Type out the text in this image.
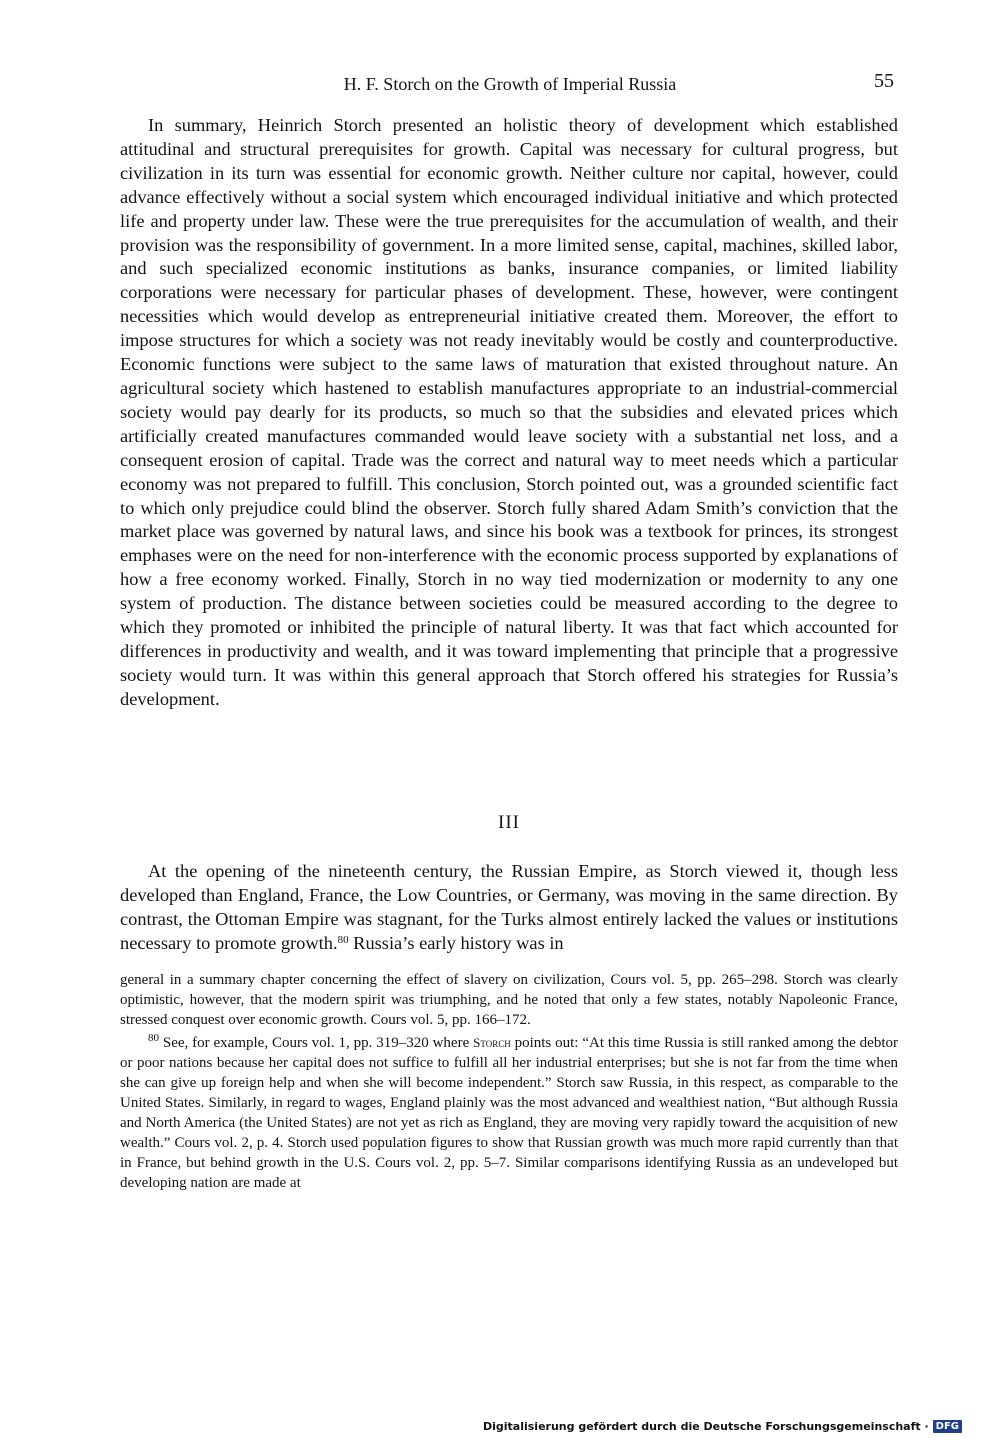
H. F. Storch on the Growth of Imperial Russia	55

In summary, Heinrich Storch presented an holistic theory of development which established attitudinal and structural prerequisites for growth. Capital was necessary for cultural progress, but civilization in its turn was essential for economic growth. Neither culture nor capital, however, could advance effectively without a social system which encouraged individual initiative and which protected life and property under law. These were the true prerequisites for the accumulation of wealth, and their provision was the responsibility of government. In a more limited sense, capital, machines, skilled labor, and such specialized economic institutions as banks, insurance companies, or limited liability corporations were necessary for particular phases of development. These, however, were contingent necessities which would develop as entrepreneurial initiative created them. Moreover, the effort to impose structures for which a society was not ready inevitably would be costly and counterproductive. Economic functions were subject to the same laws of maturation that existed throughout nature. An agricultural society which hastened to establish manufactures appropriate to an industrial-commercial society would pay dearly for its products, so much so that the subsidies and elevated prices which artificially created manufactures commanded would leave society with a substantial net loss, and a consequent erosion of capital. Trade was the correct and natural way to meet needs which a particular economy was not prepared to fulfill. This conclusion, Storch pointed out, was a grounded scientific fact to which only prejudice could blind the observer. Storch fully shared Adam Smith’s conviction that the market place was governed by natural laws, and since his book was a textbook for princes, its strongest emphases were on the need for non-interference with the economic process supported by explanations of how a free economy worked. Finally, Storch in no way tied modernization or modernity to any one system of production. The distance between societies could be measured according to the degree to which they promoted or inhibited the principle of natural liberty. It was that fact which accounted for differences in productivity and wealth, and it was toward implementing that principle that a progressive society would turn. It was within this general approach that Storch offered his strategies for Russia’s development.

III

At the opening of the nineteenth century, the Russian Empire, as Storch viewed it, though less developed than England, France, the Low Countries, or Germany, was moving in the same direction. By contrast, the Ottoman Empire was stagnant, for the Turks almost entirely lacked the values or institutions necessary to promote growth.$^{80}$ Russia’s early history was in

general in a summary chapter concerning the effect of slavery on civilization, Cours vol. 5, pp. 265–298. Storch was clearly optimistic, however, that the modern spirit was triumphing, and he noted that only a few states, notably Napoleonic France, stressed conquest over economic growth. Cours vol. 5, pp. 166–172.

$^{80}$ See, for example, Cours vol. 1, pp. 319–320 where Storch points out: “At this time Russia is still ranked among the debtor or poor nations because her capital does not suffice to fulfill all her industrial enterprises; but she is not far from the time when she can give up foreign help and when she will become independent.” Storch saw Russia, in this respect, as comparable to the United States. Similarly, in regard to wages, England plainly was the most advanced and wealthiest nation, “But although Russia and North America (the United States) are not yet as rich as England, they are moving very rapidly toward the acquisition of new wealth.” Cours vol. 2, p. 4. Storch used population figures to show that Russian growth was much more rapid currently than that in France, but behind growth in the U.S. Cours vol. 2, pp. 5–7. Similar comparisons identifying Russia as an undeveloped but developing nation are made at

Digitalisierung gefördert durch die Deutsche Forschungsgemeinschaft · DFG
